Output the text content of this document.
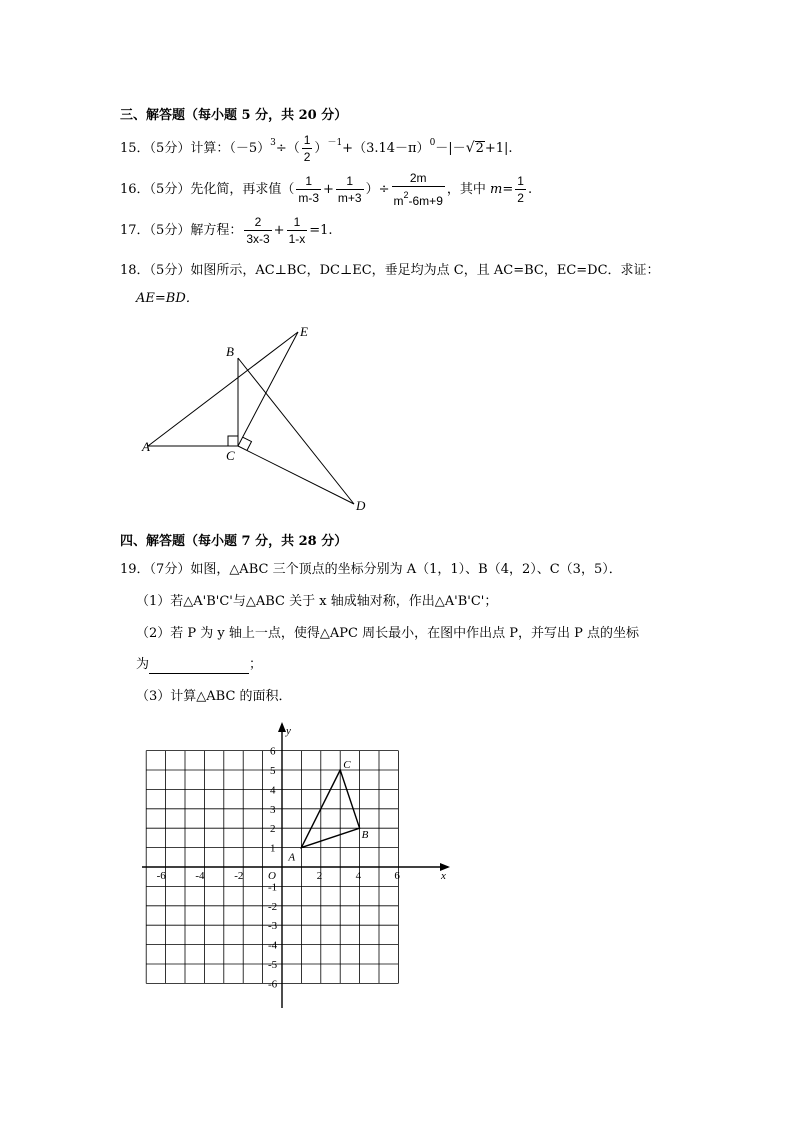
三、解答题（每小题 5 分，共 20 分）
15．（5分）计算：$(-5)^3\div( \frac{1}{2} )^{-1}+(3.14-\pi)^0-|-√2+1|$.
16．（5分）先化简，再求值（ $\frac{1}{m-3} + \frac{1}{m+3}$ ）÷ $\frac{2m}{m^2-6m+9}$ ，其中 $m= \frac{1}{2}$ .
17．（5分）解方程： $\frac{2}{3x-3} + \frac{1}{1-x} =1$.
18．（5分）如图所示，AC⊥BC，DC⊥EC，垂足均为点 C，且 AC=BC，EC=DC．求证：
AE=BD．
A
B
C
D
E
四、解答题（每小题 7 分，共 28 分）
19．（7分）如图，△ABC 三个顶点的坐标分别为 A（1，1）、B（4，2）、C（3，5）．
（1）若△A'B'C'与△ABC 关于 x 轴成轴对称，作出△A'B'C'；
（2）若 P 为 y 轴上一点，使得△APC 周长最小，在图中作出点 P，并写出 P 点的坐标
为	；
（3）计算△ABC 的面积．
x
y
O
-6	-4	-2	2	4	6
1
2
3
4
5
6
-1
-2
-3
-4
-5
-6
A
B
C
